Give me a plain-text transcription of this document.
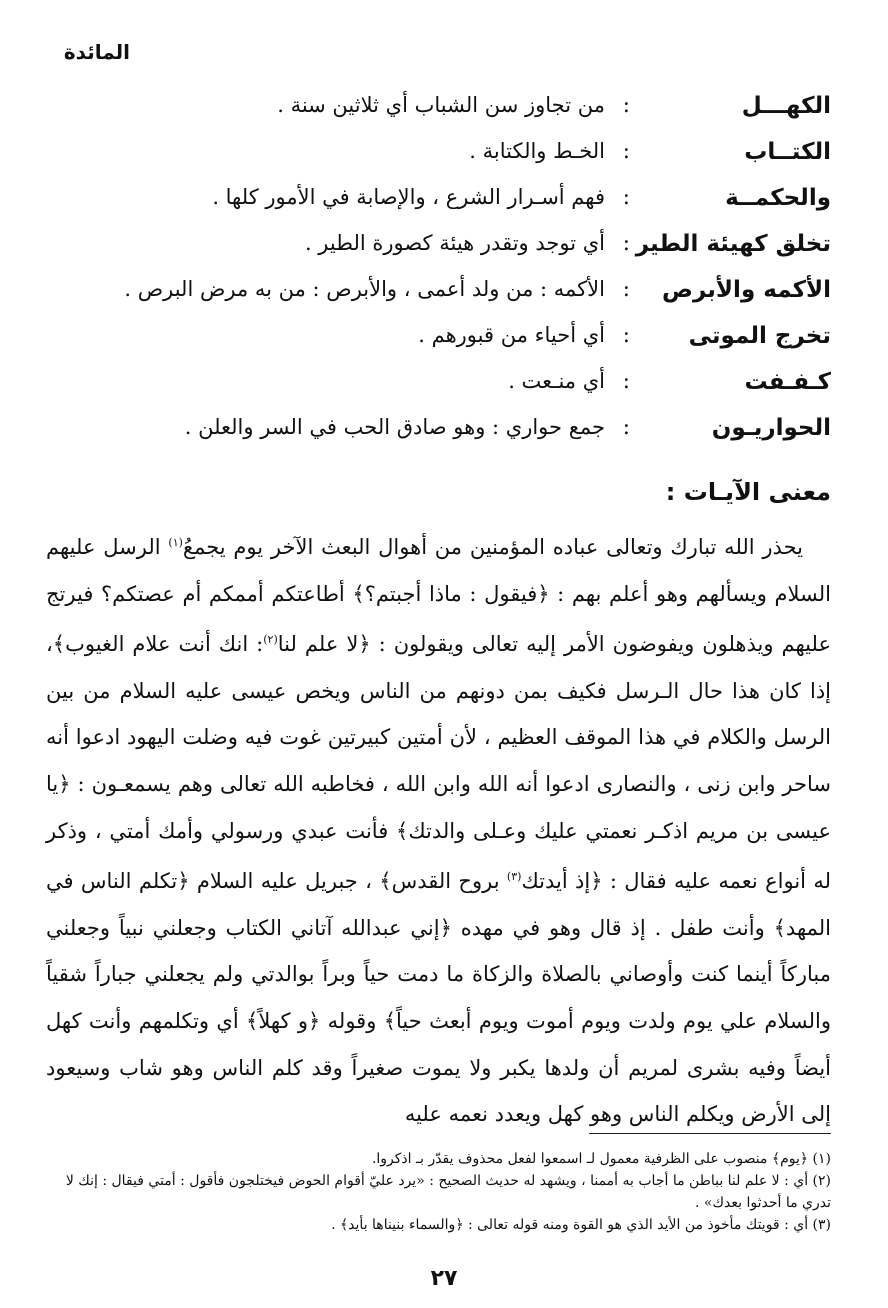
المائدة
الكهـــل
:
من تجاوز سن الشباب أي ثلاثين سنة .
الكتــاب
:
الخـط والكتابة .
والحكمــة
:
فهم أسـرار الشرع ، والإصابة في الأمور كلها .
تخلق كهيئة الطير
:
أي توجد وتقدر هيئة كصورة الطير .
الأكمه والأبرص
:
الأكمه : من ولد أعمى ، والأبرص : من به مرض البرص .
تخرج الموتى
:
أي أحياء من قبورهم .
كـفـفت
:
أي منـعت .
الحواريـون
:
جمع حواري : وهو صادق الحب في السر والعلن .
معنى الآيـات :

يحذر الله تبارك وتعالى عباده المؤمنين من أهوال البعث الآخر يوم يجمعُ$^{(١)}$ الرسل عليهم السلام ويسألهم وهو أعلم بهم : ﴿فيقول : ماذا أجبتم؟﴾ أطاعتكم أممكم أم عصتكم؟ فيرتج عليهم ويذهلون ويفوضون الأمر إليه تعالى ويقولون : ﴿لا علم لنا$^{(٢)}$: انك أنت علام الغيوب﴾، إذا كان هذا حال الـرسل فكيف بمن دونهم من الناس ويخص عيسى عليه السلام من بين الرسل والكلام في هذا الموقف العظيم ، لأن أمتين كبيرتين غوت فيه وضلت اليهود ادعوا أنه ساحر وابن زنى ، والنصارى ادعوا أنه الله وابن الله ، فخاطبه الله تعالى وهم يسمعـون : ﴿يا عيسى بن مريم اذكـر نعمتي عليك وعـلى والدتك﴾ فأنت عبدي ورسولي وأمك أمتي ، وذكر له أنواع نعمه عليه فقال : ﴿إذ أيدتك$^{(٣)}$ بروح القدس﴾ ، جبريل عليه السلام ﴿تكلم الناس في المهد﴾ وأنت طفل . إذ قال وهو في مهده ﴿إني عبدالله آتاني الكتاب وجعلني نبياً وجعلني مباركاً أينما كنت وأوصاني بالصلاة والزكاة ما دمت حياً وبراً بوالدتي ولم يجعلني جباراً شقياً والسلام علي يوم ولدت ويوم أموت ويوم أبعث حياً﴾ وقوله ﴿و كهلاً﴾ أي وتكلمهم وأنت كهل أيضاً وفيه بشرى لمريم أن ولدها يكبر ولا يموت صغيراً وقد كلم الناس وهو شاب وسيعود إلى الأرض ويكلم الناس وهو كهل ويعدد نعمه عليه

(١) ﴿يوم﴾ منصوب على الظرفية معمول لـ اسمعوا لفعل محذوف يقدّر بـ اذكروا.

(٢) أي : لا علم لنا بباطن ما أجاب به أممنا ، ويشهد له حديث الصحيح : «يرد عليّ أقوام الحوض فيختلجون فأقول : أمتي فيقال : إنك لا تدري ما أحدثوا بعدك» .

(٣) أي : قويتك مأخوذ من الأيد الذي هو القوة ومنه قوله تعالى : ﴿والسماء بنيناها بأيد﴾ .

٢٧
